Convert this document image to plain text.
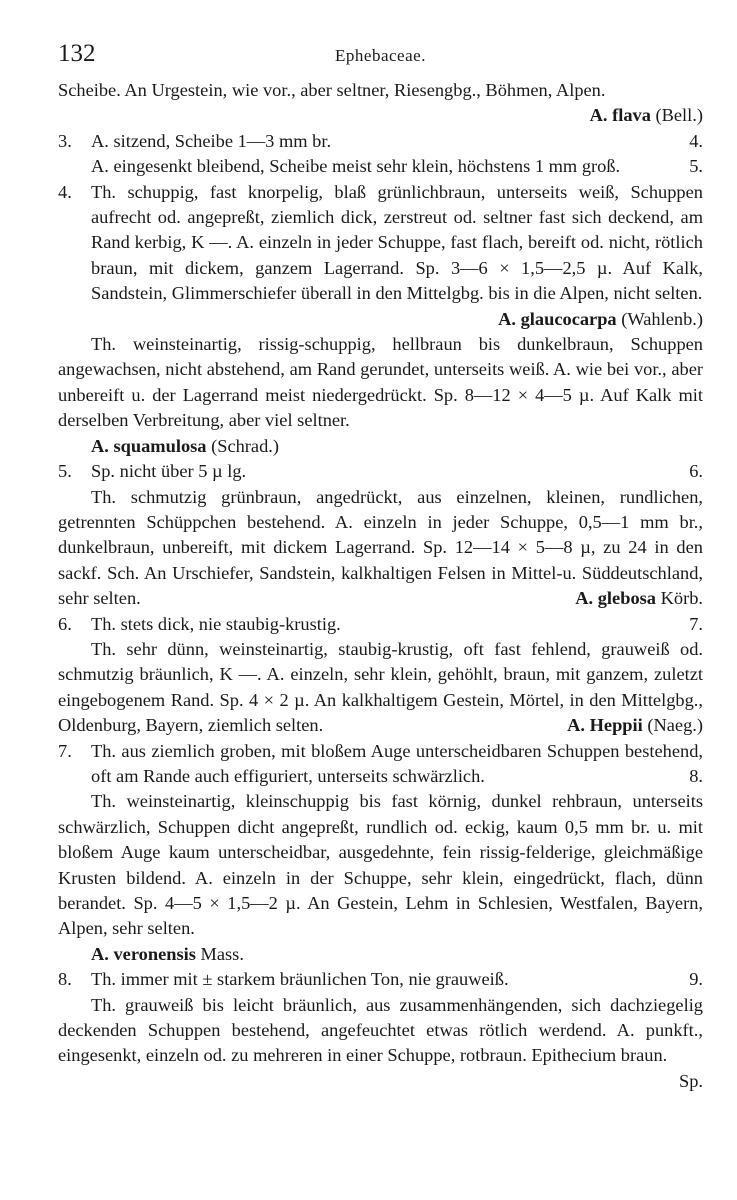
132	Ephebaceae.
Scheibe. An Urgestein, wie vor., aber seltner, Riesengbg., Böhmen, Alpen.
A. flava (Bell.)
3. A. sitzend, Scheibe 1—3 mm br.	4.
A. eingesenkt bleibend, Scheibe meist sehr klein, höchstens 1 mm groß.	5.
4. Th. schuppig, fast knorpelig, blaß grünlichbraun, unterseits weiß, Schuppen aufrecht od. angepreßt, ziemlich dick, zerstreut od. seltner fast sich deckend, am Rand kerbig, K —. A. einzeln in jeder Schuppe, fast flach, bereift od. nicht, rötlich braun, mit dickem, ganzem Lagerrand. Sp. 3—6 × 1,5—2,5 µ. Auf Kalk, Sandstein, Glimmerschiefer überall in den Mittelgbg. bis in die Alpen, nicht selten.
A. glaucocarpa (Wahlenb.)
Th. weinsteinartig, rissig-schuppig, hellbraun bis dunkelbraun, Schuppen angewachsen, nicht abstehend, am Rand gerundet, unterseits weiß. A. wie bei vor., aber unbereift u. der Lagerrand meist niedergedrückt. Sp. 8—12 × 4—5 µ. Auf Kalk mit derselben Verbreitung, aber viel seltner.
A. squamulosa (Schrad.)
5. Sp. nicht über 5 µ lg.	6.
Th. schmutzig grünbraun, angedrückt, aus einzelnen, kleinen, rundlichen, getrennten Schüppchen bestehend. A. einzeln in jeder Schuppe, 0,5—1 mm br., dunkelbraun, unbereift, mit dickem Lagerrand. Sp. 12—14 × 5—8 µ, zu 24 in den sackf. Sch. An Urschiefer, Sandstein, kalkhaltigen Felsen in Mittel-u. Süddeutschland, sehr selten.	A. glebosa Körb.
6. Th. stets dick, nie staubig-krustig.	7.
Th. sehr dünn, weinsteinartig, staubig-krustig, oft fast fehlend, grauweiß od. schmutzig bräunlich, K —. A. einzeln, sehr klein, gehöhlt, braun, mit ganzem, zuletzt eingebogenem Rand. Sp. 4 × 2 µ. An kalkhaltigem Gestein, Mörtel, in den Mittelgbg., Oldenburg, Bayern, ziemlich selten.	A. Heppii (Naeg.)
7. Th. aus ziemlich groben, mit bloßem Auge unterscheidbaren Schuppen bestehend, oft am Rande auch effiguriert, unterseits schwärzlich.	8.
Th. weinsteinartig, kleinschuppig bis fast körnig, dunkel rehbraun, unterseits schwärzlich, Schuppen dicht angepreßt, rundlich od. eckig, kaum 0,5 mm br. u. mit bloßem Auge kaum unterscheidbar, ausgedehnte, fein rissig-felderige, gleichmäßige Krusten bildend. A. einzeln in der Schuppe, sehr klein, eingedrückt, flach, dünn berandet. Sp. 4—5 × 1,5—2 µ. An Gestein, Lehm in Schlesien, Westfalen, Bayern, Alpen, sehr selten.
A. veronensis Mass.
8. Th. immer mit ± starkem bräunlichen Ton, nie grauweiß.	9.
Th. grauweiß bis leicht bräunlich, aus zusammenhängenden, sich dachziegelig deckenden Schuppen bestehend, angefeuchtet etwas rötlich werdend. A. punkft., eingesenkt, einzeln od. zu mehreren in einer Schuppe, rotbraun. Epithecium braun.
Sp.
